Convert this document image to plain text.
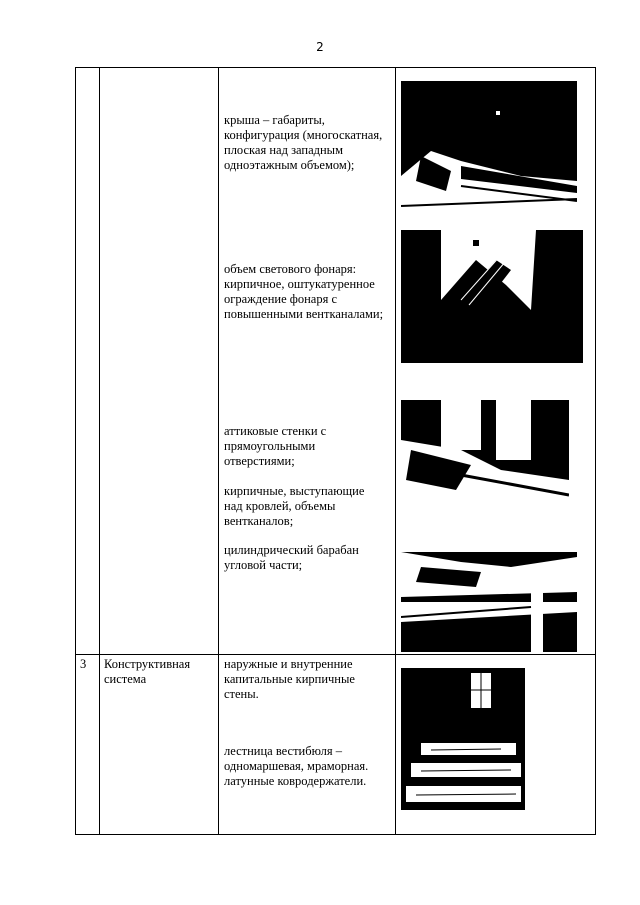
2
крыша – габариты, конфигурация (многоскатная, плоская над западным одноэтажным объемом);
объем светового фонаря: кирпичное, оштукатуренное ограждение фонаря с повышенными вентканалами;
аттиковые стенки с прямоугольными отверстиями;
кирпичные, выступающие над кровлей, объемы вентканалов;
цилиндрический барабан угловой части;
3 Конструктивная система
наружные и внутренние капитальные кирпичные стены.
лестница вестибюля – одномаршевая, мраморная. латунные ковродержатели.
